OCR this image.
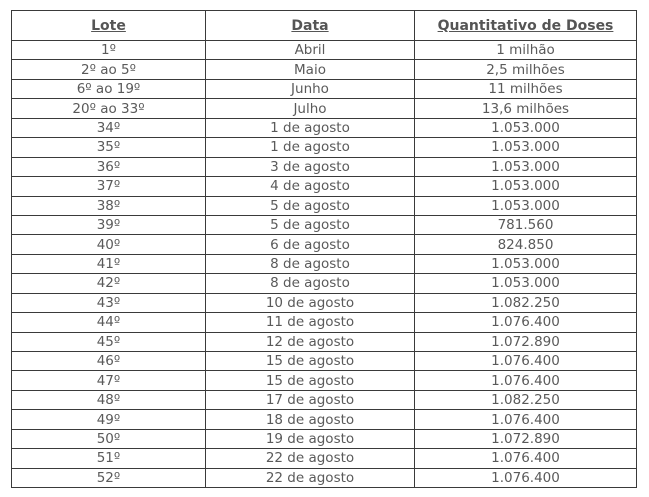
Lote	Data	Quantitativo de Doses
1º	Abril	1 milhão
2º ao 5º	Maio	2,5 milhões
6º ao 19º	Junho	11 milhões
20º ao 33º	Julho	13,6 milhões
34º	1 de agosto	1.053.000
35º	1 de agosto	1.053.000
36º	3 de agosto	1.053.000
37º	4 de agosto	1.053.000
38º	5 de agosto	1.053.000
39º	5 de agosto	781.560
40º	6 de agosto	824.850
41º	8 de agosto	1.053.000
42º	8 de agosto	1.053.000
43º	10 de agosto	1.082.250
44º	11 de agosto	1.076.400
45º	12 de agosto	1.072.890
46º	15 de agosto	1.076.400
47º	15 de agosto	1.076.400
48º	17 de agosto	1.082.250
49º	18 de agosto	1.076.400
50º	19 de agosto	1.072.890
51º	22 de agosto	1.076.400
52º	22 de agosto	1.076.400
